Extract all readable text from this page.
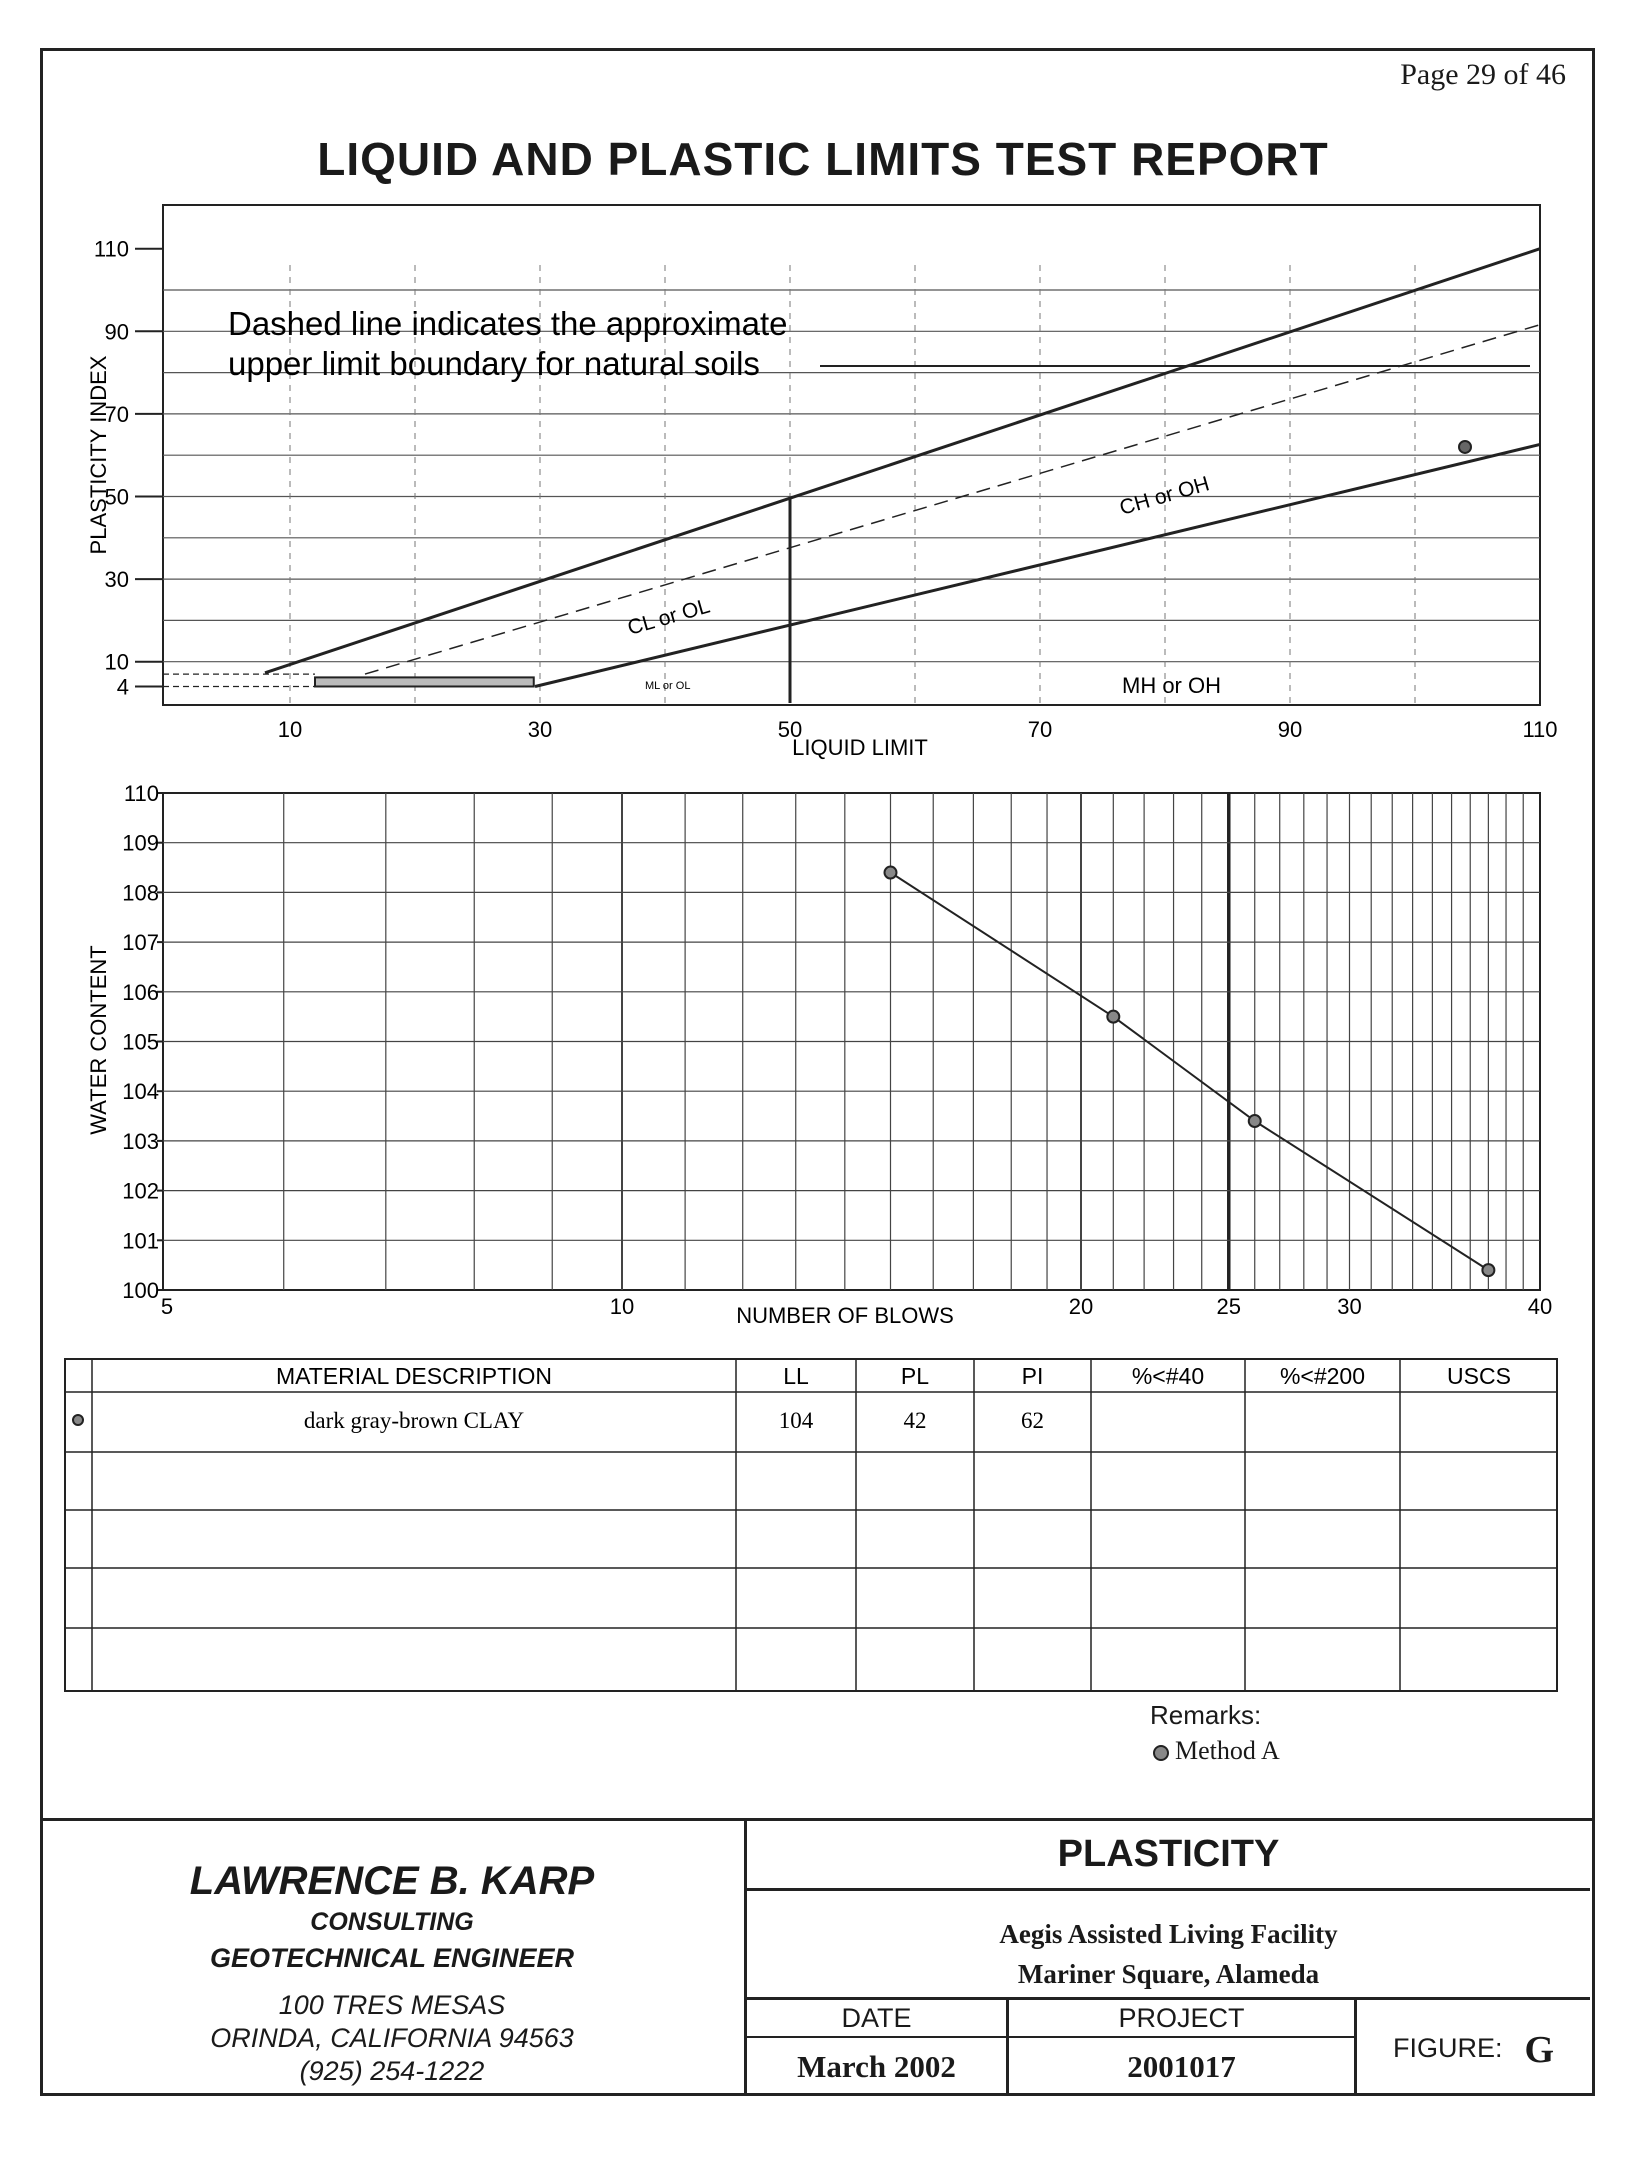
Page 29 of 46
LIQUID AND PLASTIC LIMITS TEST REPORT
4
10
30
50
70
90
110
10	30	50	70	90	110
Dashed line indicates the approximate
upper limit boundary for natural soils
CL or OL
CH or OH
ML or OL	MH or OH
LIQUID LIMIT
PLASTICITY INDEX
100
101
102
103
104
105
106
107
108
109
110
5	10	20	25	30	40
NUMBER OF BLOWS
WATER CONTENT
MATERIAL DESCRIPTION	LL	PL	PI	%<#40	%<#200	USCS
dark gray-brown CLAY	104	42	62
Remarks:
Method A
LAWRENCE B. KARP
CONSULTING
GEOTECHNICAL ENGINEER
100 TRES MESAS
ORINDA, CALIFORNIA 94563
(925) 254-1222
PLASTICITY
Aegis Assisted Living Facility
Mariner Square, Alameda
DATE
March 2002
PROJECT
2001017
FIGURE: G
